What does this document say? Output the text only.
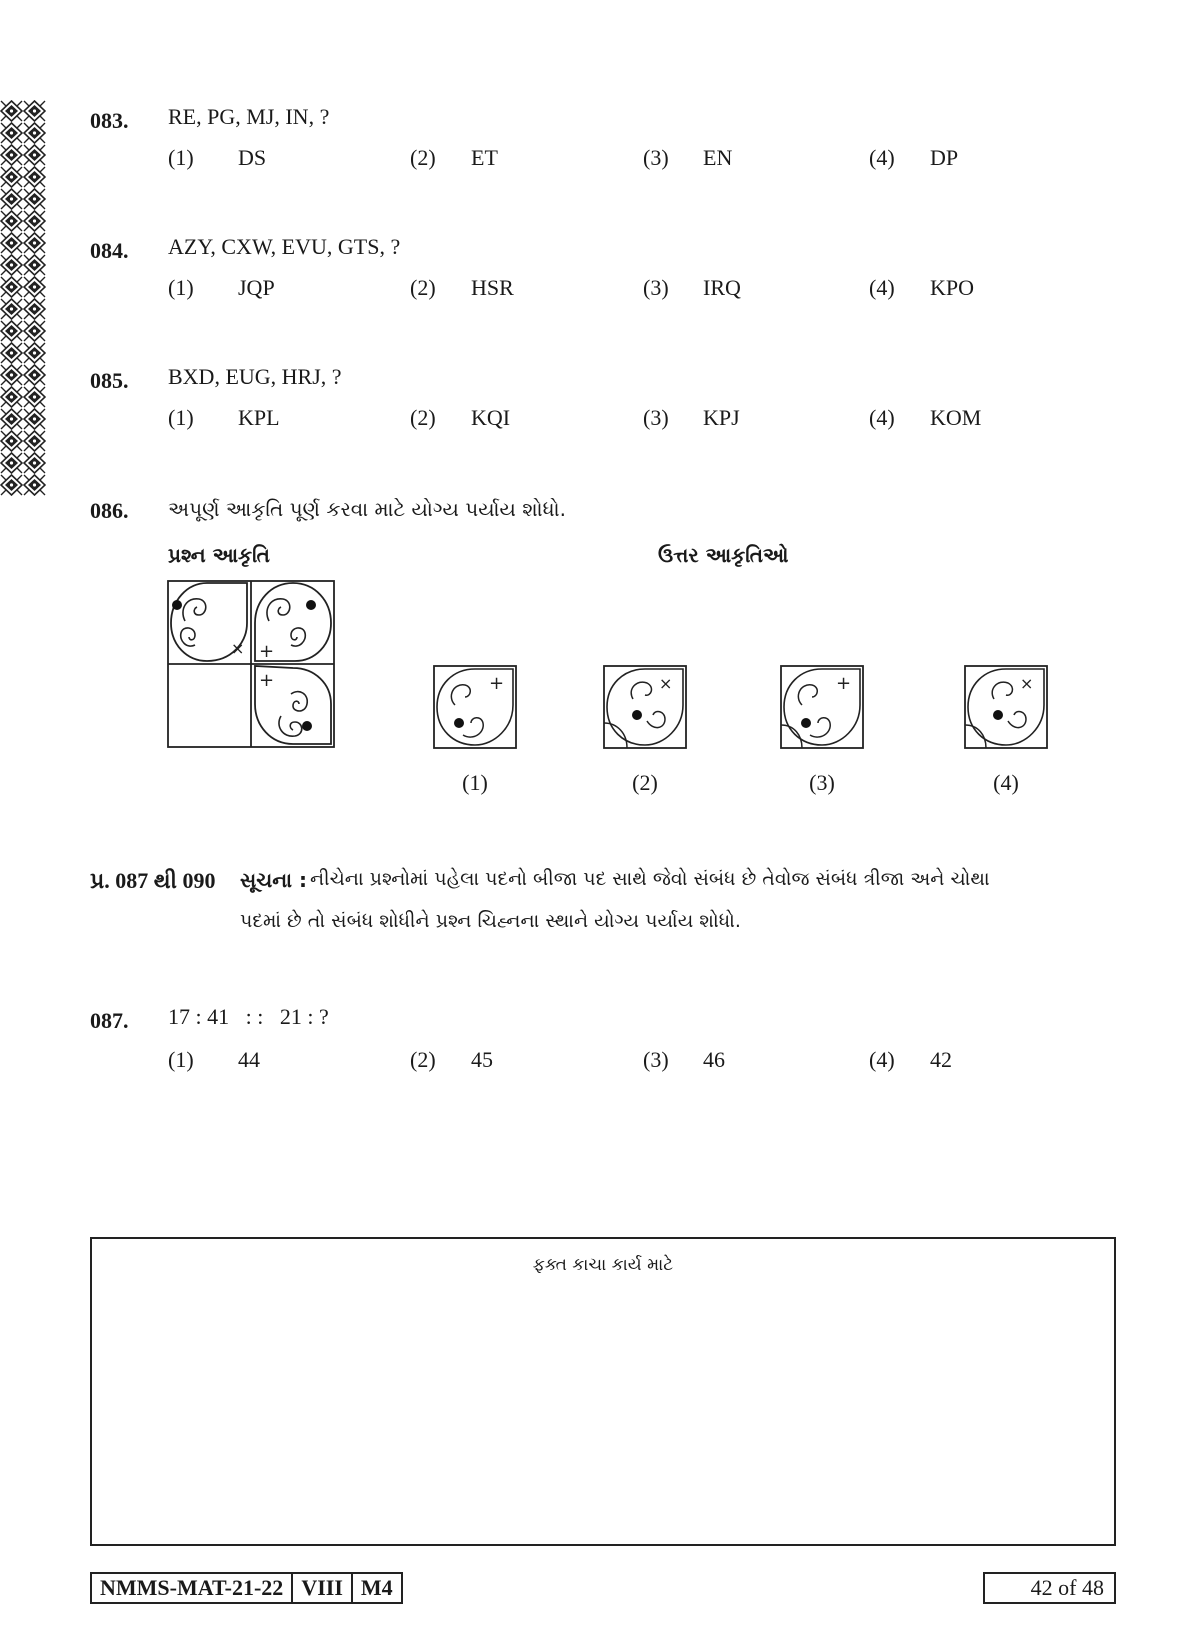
083. RE, PG, MJ, IN, ?
(1) DS	(2) ET	(3) EN	(4) DP
084. AZY, CXW, EVU, GTS, ?
(1) JQP	(2) HSR	(3) IRQ	(4) KPO
085. BXD, EUG, HRJ, ?
(1) KPL	(2) KQI	(3) KPJ	(4) KOM
086. અપૂર્ણ આકૃતિ પૂર્ણ કરવા માટે યોગ્ય પર્યાય શોધો.
પ્રશ્ન આકૃતિ	ઉત્તર આકૃતિઓ
× +
+	+	×	+	×
(1)	(2)	(3)	(4)
પ્ર. 087 થી 090 સૂચના : નીચેના પ્રશ્નોમાં પહેલા પદનો બીજા પદ સાથે જેવો સંબંધ છે તેવોજ સંબંધ ત્રીજા અને ચોથા
પદમાં છે તો સંબંધ શોધીને પ્રશ્ન ચિહ્નના સ્થાને યોગ્ય પર્યાય શોધો.
087. 17 : 41   : :   21 : ?
(1) 44	(2) 45	(3) 46	(4) 42
ફક્ત કાચા કાર્ય માટે
NMMS-MAT-21-22 VIII M4	42 of 48
